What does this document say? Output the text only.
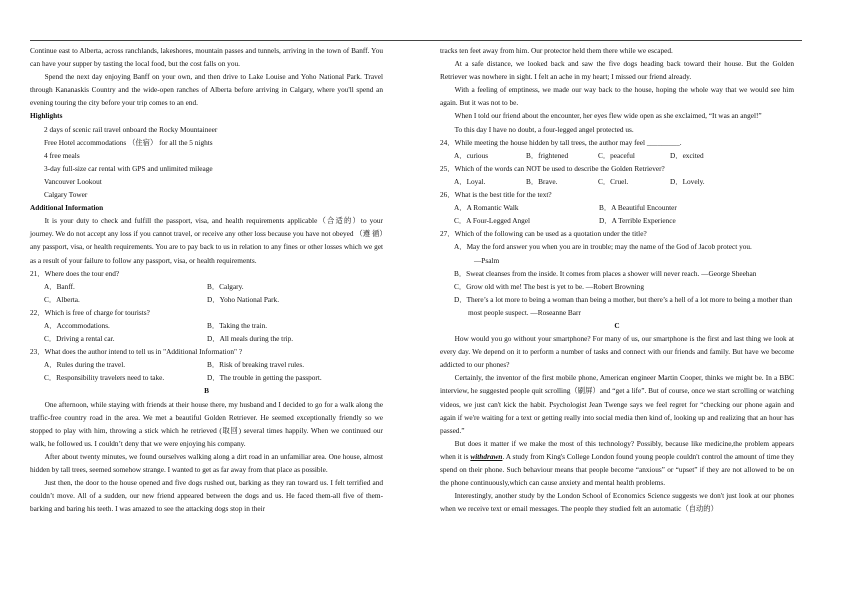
Continue east to Alberta, across ranchlands, lakeshores, mountain passes and tunnels, arriving in the town of Banff. You can have your supper by tasting the local food, but the cost falls on you.

Spend the next day enjoying Banff on your own, and then drive to Lake Louise and Yoho National Park. Travel through Kananaskis Country and the wide-open ranches of Alberta before arriving in Calgary, where you'll spend an evening touring the city before your trip comes to an end.

Highlights

2 days of scenic rail travel onboard the Rocky Mountaineer

Free Hotel accommodations （住宿） for all the 5 nights

4 free meals

3-day full-size car rental with GPS and unlimited mileage

Vancouver Lookout

Calgary Tower

Additional Information

It is your duty to check and fulfill the passport, visa, and health requirements applicable（合适的）to your journey. We do not accept any loss if you cannot travel, or receive any other loss because you have not obeyed （遵 循）any passport, visa, or health requirements. You are to pay back to us in relation to any fines or other losses which we get as a result of your failure to follow any passport, visa, or health requirements.

21．Where does the tour end?

A．Banff.	B．Calgary.
C．Alberta.	D．Yoho National Park.

22．Which is free of charge for tourists?

A．Accommodations.	B．Taking the train.
C．Driving a rental car.	D．All meals during the trip.

23．What does the author intend to tell us in "Additional Information" ?

A．Rules during the travel.	B．Risk of breaking travel rules.
C．Responsibility travelers need to take.	D．The trouble in getting the passport.

B

One afternoon, while staying with friends at their house there, my husband and I decided to go for a walk along the traffic-free country road in the area. We met a beautiful Golden Retriever. He seemed exceptionally friendly so we stopped to play with him, throwing a stick which he retrieved (取回) several times happily. When we continued our walk, he followed us. I couldn’t deny that we were enjoying his company.

After about twenty minutes, we found ourselves walking along a dirt road in an unfamiliar area. One house, almost hidden by tall trees, seemed somehow strange. I wanted to get as far away from that place as possible.

Just then, the door to the house opened and five dogs rushed out, barking as they ran toward us. I felt terrified and couldn’t move. All of a sudden, our new friend appeared between the dogs and us. He faced them-all five of them-barking and baring his teeth. I was amazed to see the attacking dogs stop in their

tracks ten feet away from him. Our protector held them there while we escaped.

At a safe distance, we looked back and saw the five dogs heading back toward their house. But the Golden Retriever was nowhere in sight. I felt an ache in my heart; I missed our friend already.

With a feeling of emptiness, we made our way back to the house, hoping the whole way that we would see him again. But it was not to be.

When I told our friend about the encounter, her eyes flew wide open as she exclaimed, “It was an angel!”

To this day I have no doubt, a four-legged angel protected us.

24．While meeting the house hidden by tall trees, the author may feel _________.

A．curious	B．frightened	C．peaceful	D．excited

25．Which of the words can NOT be used to describe the Golden Retriever?

A．Loyal.	B．Brave.	C．Cruel.	D．Lovely.

26．What is the best title for the text?

A．A Romantic Walk	B．A Beautiful Encounter
C．A Four-Legged Angel	D．A Terrible Experience

27．Which of the following can be used as a quotation under the title?

A．May the ford answer you when you are in trouble; may the name of the God of Jacob protect you.

—Psalm

B．Sweat cleanses from the inside. It comes from places a shower will never reach. —George Sheehan

C．Grow old with me! The best is yet to be. —Robert Browning

D．There’s a lot more to being a woman than being a mother, but there’s a hell of a lot more to being a mother than most people suspect. —Roseanne Barr

C

How would you go without your smartphone? For many of us, our smartphone is the first and last thing we look at every day. We depend on it to perform a number of tasks and connect with our friends and family. But have we become addicted to our phones?

Certainly, the inventor of the first mobile phone, American engineer Martin Cooper, thinks we might be. In a BBC interview, he suggested people quit scrolling（刷屏）and “get a life”. But of course, once we start scrolling or watching videos, we just can't kick the habit. Psychologist Jean Twenge says we feel regret for “checking our phone again and again if we're waiting for a text or getting really into social media then kind of, looking up and realizing that an hour has passed.”

But does it matter if we make the most of this technology? Possibly, because like medicine,the problem appears when it is withdrawn. A study from King's College London found young people couldn't control the amount of time they spend on their phone. Such behaviour means that people become “anxious” or “upset” if they are not allowed to be on the phone continuously,which can cause anxiety and mental health problems.

Interestingly, another study by the London School of Economics Science suggests we don't just look at our phones when we receive text or email messages. The people they studied felt an automatic（自动的）
